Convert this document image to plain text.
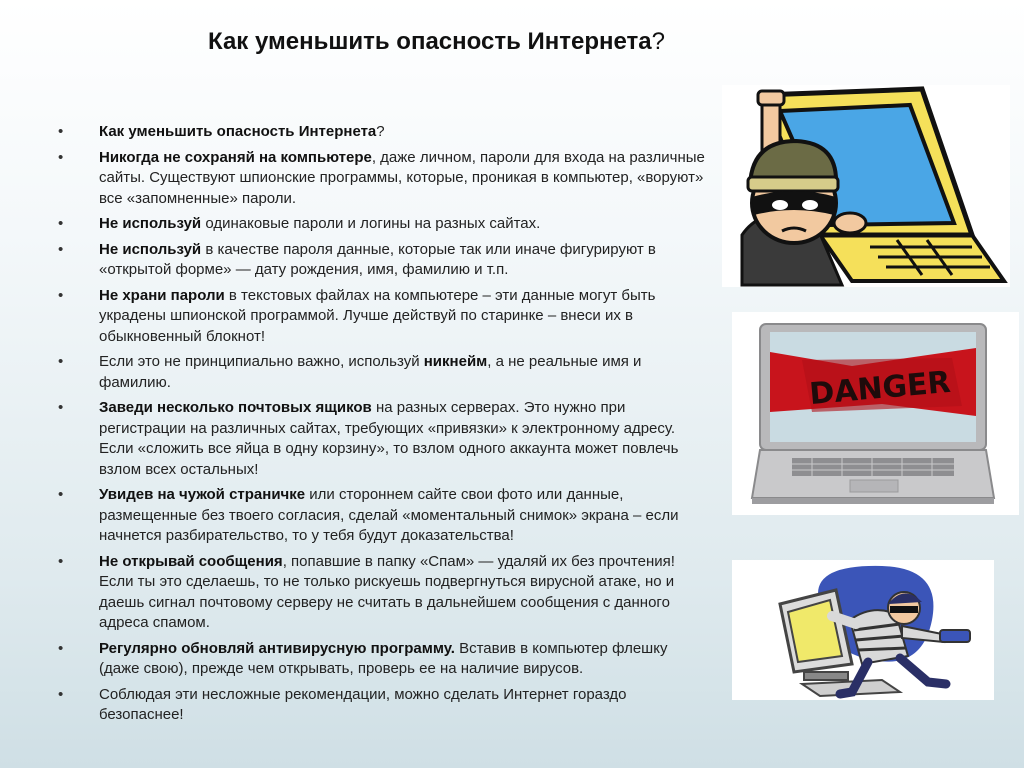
Как уменьшить опасность Интернета?
• Как уменьшить опасность Интернета?
• Никогда не сохраняй на компьютере, даже личном, пароли для входа на различные сайты. Существуют шпионские программы, которые, проникая в компьютер, «воруют» все «запомненные» пароли.
• Не используй одинаковые пароли и логины на разных сайтах.
• Не используй в качестве пароля данные, которые так или иначе фигурируют в «открытой форме» — дату рождения, имя, фамилию и т.п.
• Не храни пароли в текстовых файлах на компьютере – эти данные могут быть украдены шпионской программой. Лучше действуй по старинке – внеси их в обыкновенный блокнот!
• Если это не принципиально важно, используй никнейм, а не реальные имя и фамилию.
• Заведи несколько почтовых ящиков на разных серверах. Это нужно при регистрации на различных сайтах, требующих «привязки» к электронному адресу. Если «сложить все яйца в одну корзину», то взлом одного аккаунта может повлечь взлом всех остальных!
• Увидев на чужой страничке или стороннем сайте свои фото или данные, размещенные без твоего согласия, сделай «моментальный снимок» экрана – если начнется разбирательство, то у тебя будут доказательства!
• Не открывай сообщения, попавшие в папку «Спам» — удаляй их без прочтения! Если ты это сделаешь, то не только рискуешь подвергнуться вирусной атаке, но и даешь сигнал почтовому серверу не считать в дальнейшем сообщения с данного адреса спамом.
• Регулярно обновляй антивирусную программу. Вставив в компьютер флешку (даже свою), прежде чем открывать, проверь ее на наличие вирусов.
• Соблюдая эти несложные рекомендации, можно сделать Интернет гораздо безопаснее!
DANGER
